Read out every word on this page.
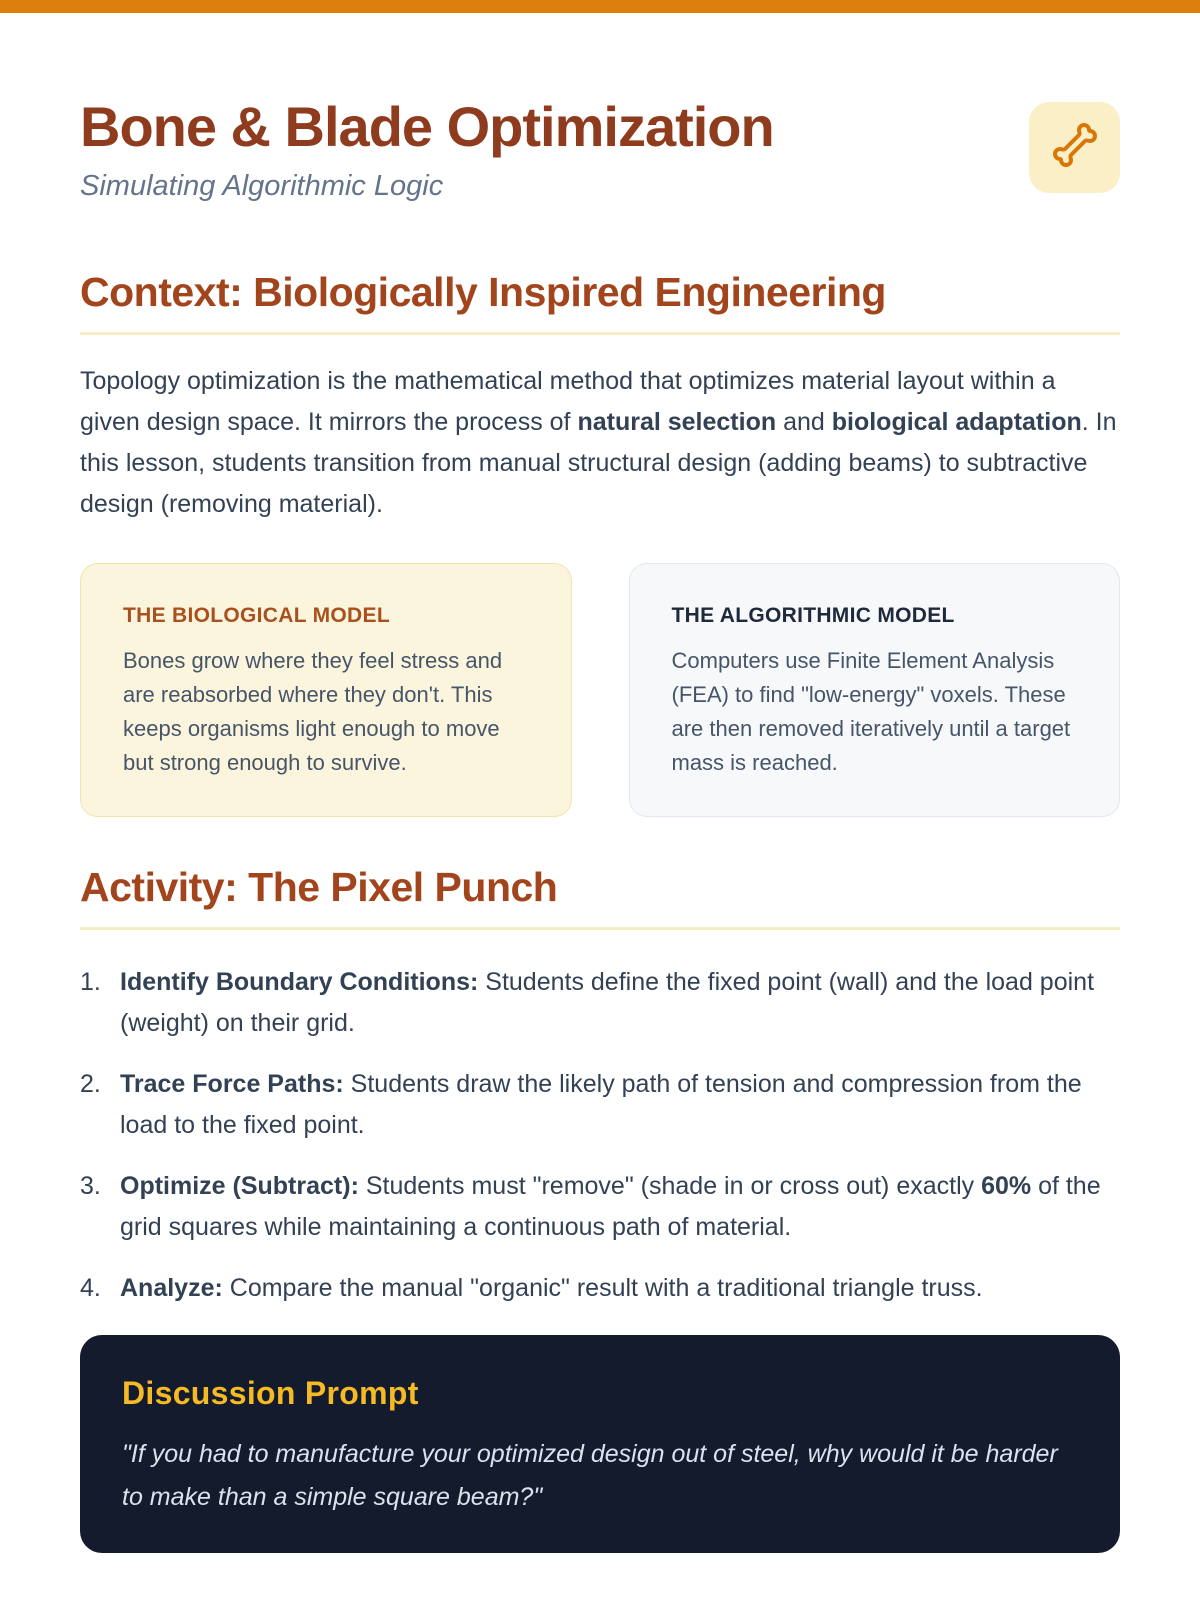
Bone & Blade Optimization
Simulating Algorithmic Logic
Context: Biologically Inspired Engineering

Topology optimization is the mathematical method that optimizes material layout within a given design space. It mirrors the process of natural selection and biological adaptation. In this lesson, students transition from manual structural design (adding beams) to subtractive design (removing material).

THE BIOLOGICAL MODEL
Bones grow where they feel stress and are reabsorbed where they don't. This keeps organisms light enough to move but strong enough to survive.
THE ALGORITHMIC MODEL
Computers use Finite Element Analysis (FEA) to find "low-energy" voxels. These are then removed iteratively until a target mass is reached.
Activity: The Pixel Punch
1. Identify Boundary Conditions: Students define the fixed point (wall) and the load point (weight) on their grid.
2. Trace Force Paths: Students draw the likely path of tension and compression from the load to the fixed point.
3. Optimize (Subtract): Students must "remove" (shade in or cross out) exactly 60% of the grid squares while maintaining a continuous path of material.
4. Analyze: Compare the manual "organic" result with a traditional triangle truss.
Discussion Prompt
"If you had to manufacture your optimized design out of steel, why would it be harder to make than a simple square beam?"
